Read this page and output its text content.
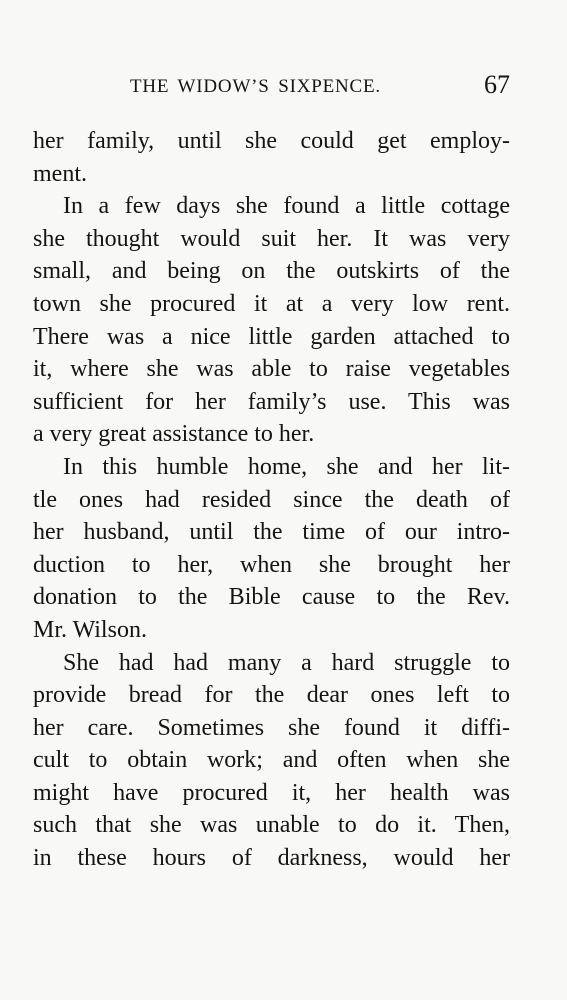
THE WIDOW’S SIXPENCE.	67
her family, until she could get employ-
ment.
In a few days she found a little cottage
she thought would suit her. It was very
small, and being on the outskirts of the
town she procured it at a very low rent.
There was a nice little garden attached to
it, where she was able to raise vegetables
sufficient for her family’s use. This was
a very great assistance to her.
In this humble home, she and her lit-
tle ones had resided since the death of
her husband, until the time of our intro-
duction to her, when she brought her
donation to the Bible cause to the Rev.
Mr. Wilson.
She had had many a hard struggle to
provide bread for the dear ones left to
her care. Sometimes she found it diffi-
cult to obtain work; and often when she
might have procured it, her health was
such that she was unable to do it. Then,
in these hours of darkness, would her
